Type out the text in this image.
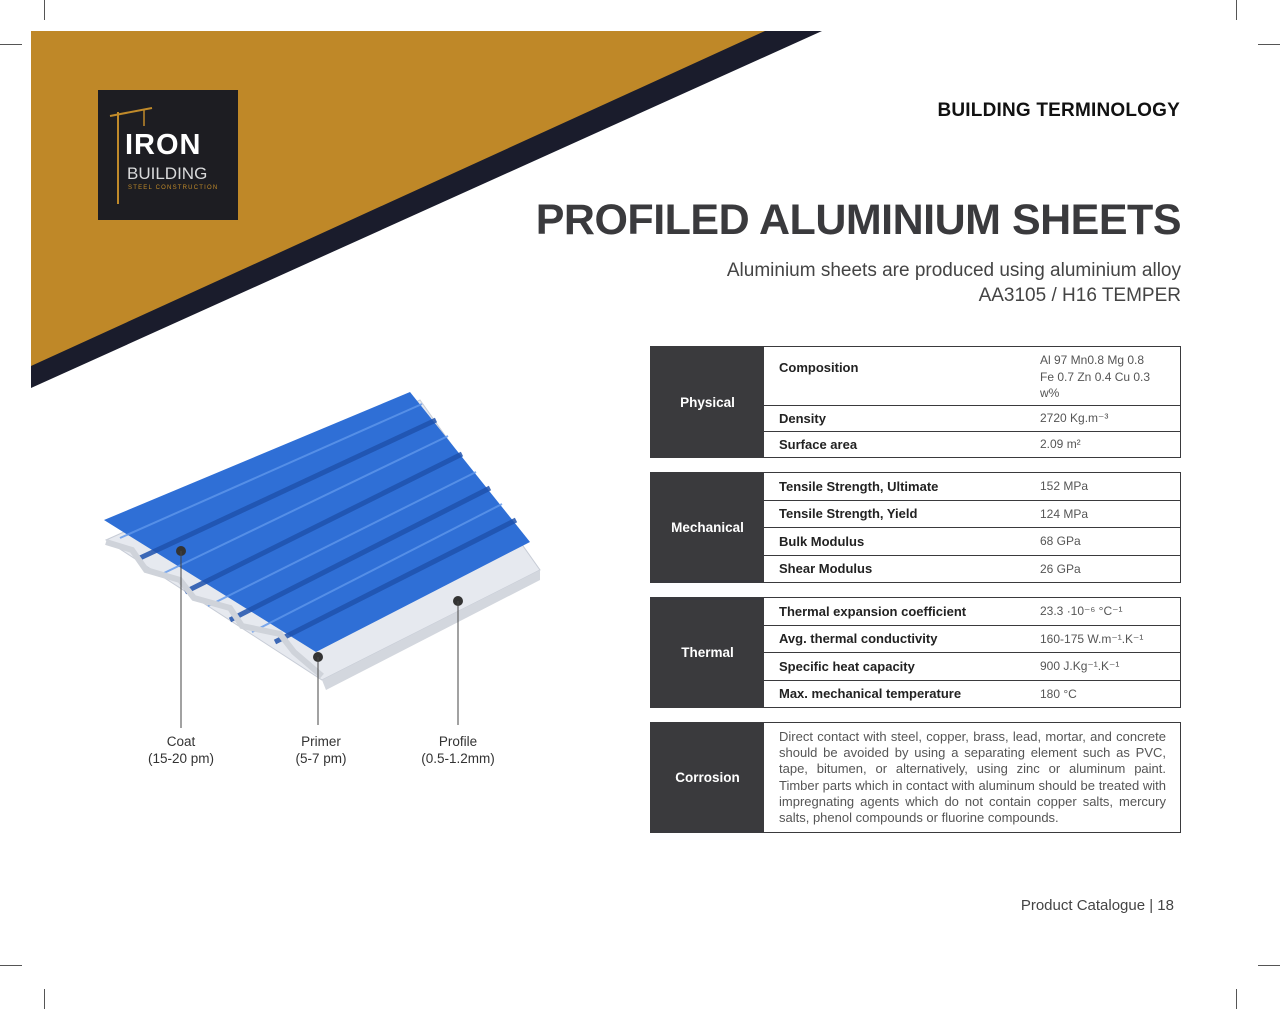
IRON
BUILDING
STEEL CONSTRUCTION
BUILDING TERMINOLOGY
PROFILED ALUMINIUM SHEETS
Aluminium sheets are produced using aluminium alloy
AA3105 / H16 TEMPER
Coat
(15-20 pm)
Primer
(5-7 pm)
Profile
(0.5-1.2mm)
Physical
Composition	Al 97 Mn0.8 Mg 0.8 Fe 0.7 Zn 0.4 Cu 0.3 w%
Density	2720 Kg.m⁻³
Surface area	2.09 m²
Mechanical
Tensile Strength, Ultimate	152 MPa
Tensile Strength, Yield	124 MPa
Bulk Modulus	68 GPa
Shear Modulus	26 GPa
Thermal
Thermal expansion coefficient	23.3 ·10⁻⁶ °C⁻¹
Avg. thermal conductivity	160-175 W.m⁻¹.K⁻¹
Specific heat capacity	900 J.Kg⁻¹.K⁻¹
Max. mechanical temperature	180 °C
Corrosion
Direct contact with steel, copper, brass, lead, mortar, and concrete should be avoided by using a separating element such as PVC, tape, bitumen, or alternatively, using zinc or aluminum paint. Timber parts which in contact with aluminum should be treated with impregnating agents which do not contain copper salts, mercury salts, phenol compounds or fluorine compounds.
Product Catalogue | 18
